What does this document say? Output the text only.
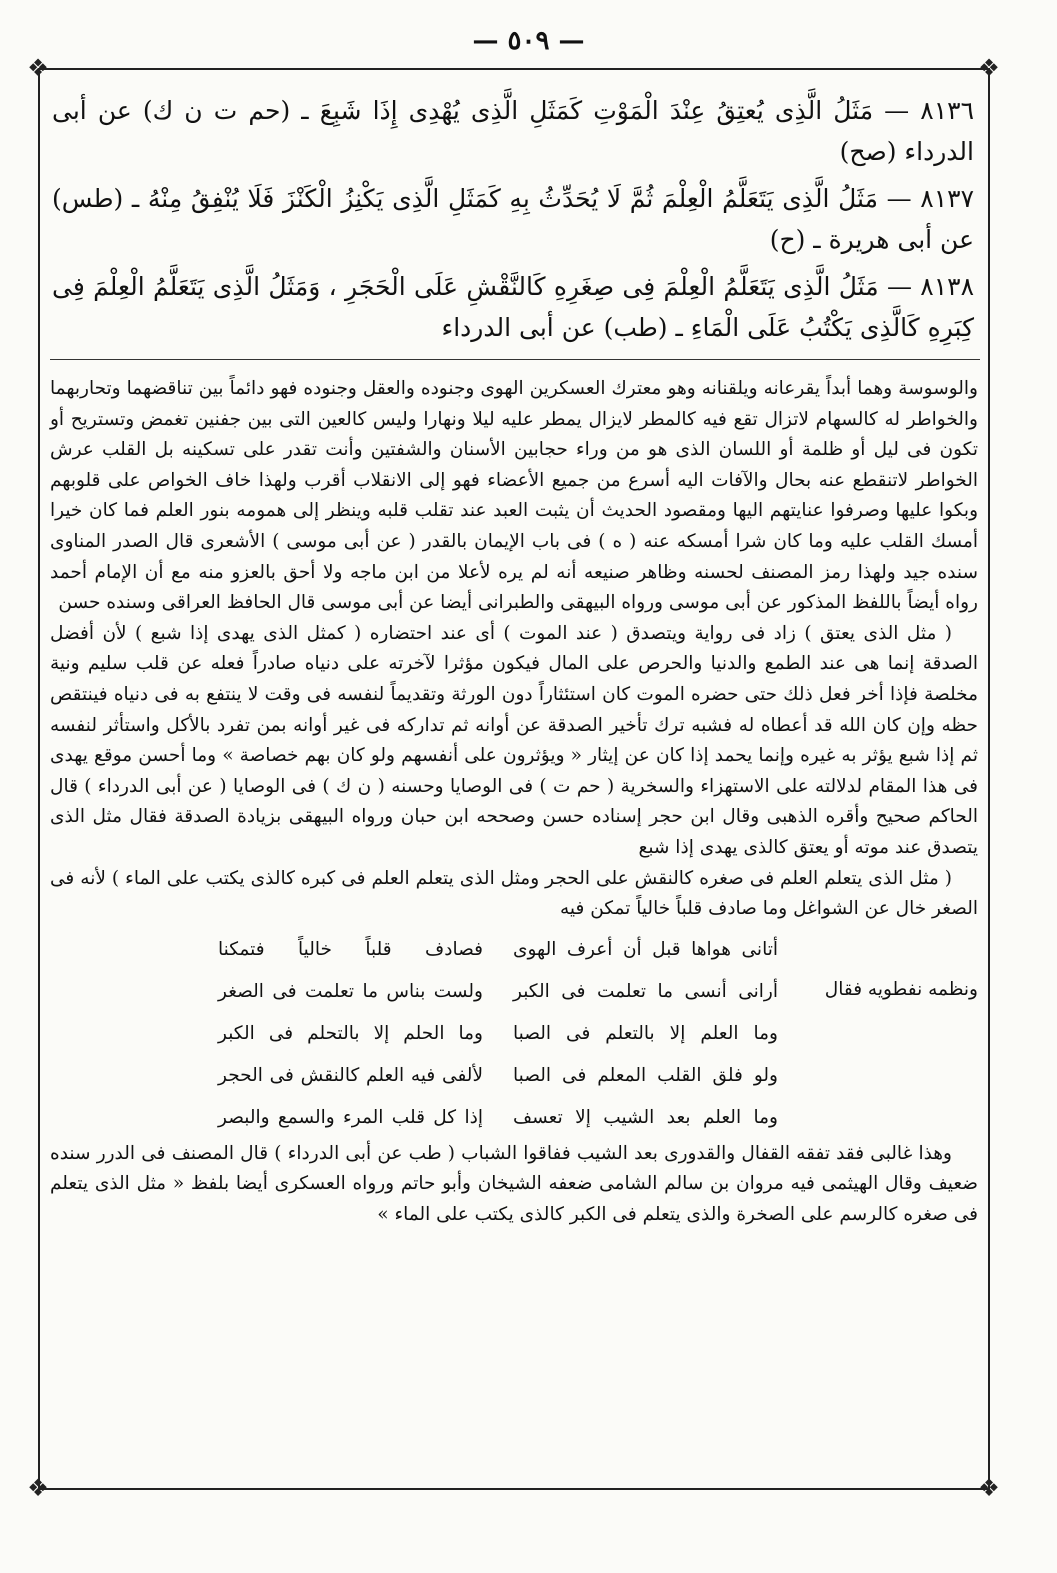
— ٥٠٩ —
❖	❖
❖	❖

٨١٣٦ — مَثَلُ الَّذِى يُعتِقُ عِنْدَ الْمَوْتِ كَمَثَلِ الَّذِى يُهْدِى إِذَا شَبِعَ ـ (حم ت ن ك) عن أبى الدرداء (صح)

٨١٣٧ — مَثَلُ الَّذِى يَتَعَلَّمُ الْعِلْمَ ثُمَّ لَا يُحَدِّثُ بِهِ كَمَثَلِ الَّذِى يَكْنِزُ الْكَنْزَ فَلَا يُنْفِقُ مِنْهُ ـ (طس) عن أبى هريرة ـ (ح)

٨١٣٨ — مَثَلُ الَّذِى يَتَعَلَّمُ الْعِلْمَ فِى صِغَرِهِ كَالنَّقْشِ عَلَى الْحَجَرِ ، وَمَثَلُ الَّذِى يَتَعَلَّمُ الْعِلْمَ فِى كِبَرِهِ كَالَّذِى يَكْتُبُ عَلَى الْمَاءِ ـ (طب) عن أبى الدرداء

والوسوسة وهما أبداً يقرعانه ويلقنانه وهو معترك العسكرين الهوى وجنوده والعقل وجنوده فهو دائماً بين تناقضهما وتحاربهما والخواطر له كالسهام لاتزال تقع فيه كالمطر لايزال يمطر عليه ليلا ونهارا وليس كالعين التى بين جفنين تغمض وتستريح أو تكون فى ليل أو ظلمة أو اللسان الذى هو من وراء حجابين الأسنان والشفتين وأنت تقدر على تسكينه بل القلب عرش الخواطر لاتنقطع عنه بحال والآفات اليه أسرع من جميع الأعضاء فهو إلى الانقلاب أقرب ولهذا خاف الخواص على قلوبهم وبكوا عليها وصرفوا عنايتهم اليها ومقصود الحديث أن يثبت العبد عند تقلب قلبه وينظر إلى همومه بنور العلم فما كان خيرا أمسك القلب عليه وما كان شرا أمسكه عنه ( ه ) فى باب الإيمان بالقدر ( عن أبى موسى ) الأشعرى قال الصدر المناوى سنده جيد ولهذا رمز المصنف لحسنه وظاهر صنيعه أنه لم يره لأعلا من ابن ماجه ولا أحق بالعزو منه مع أن الإمام أحمد رواه أيضاً باللفظ المذكور عن أبى موسى ورواه البيهقى والطبرانى أيضا عن أبى موسى قال الحافظ العراقى وسنده حسن

( مثل الذى يعتق ) زاد فى رواية ويتصدق ( عند الموت ) أى عند احتضاره ( كمثل الذى يهدى إذا شبع ) لأن أفضل الصدقة إنما هى عند الطمع والدنيا والحرص على المال فيكون مؤثرا لآخرته على دنياه صادراً فعله عن قلب سليم ونية مخلصة فإذا أخر فعل ذلك حتى حضره الموت كان استئثاراً دون الورثة وتقديماً لنفسه فى وقت لا ينتفع به فى دنياه فينتقص حظه وإن كان الله قد أعطاه له فشبه ترك تأخير الصدقة عن أوانه ثم تداركه فى غير أوانه بمن تفرد بالأكل واستأثر لنفسه ثم إذا شبع يؤثر به غيره وإنما يحمد إذا كان عن إيثار « ويؤثرون على أنفسهم ولو كان بهم خصاصة » وما أحسن موقع يهدى فى هذا المقام لدلالته على الاستهزاء والسخرية ( حم ت ) فى الوصايا وحسنه ( ن ك ) فى الوصايا ( عن أبى الدرداء ) قال الحاكم صحيح وأقره الذهبى وقال ابن حجر إسناده حسن وصححه ابن حبان ورواه البيهقى بزيادة الصدقة فقال مثل الذى يتصدق عند موته أو يعتق كالذى يهدى إذا شبع

( مثل الذى يتعلم العلم فى صغره كالنقش على الحجر ومثل الذى يتعلم العلم فى كبره كالذى يكتب على الماء ) لأنه فى الصغر خال عن الشواغل وما صادف قلباً خالياً تمكن فيه

ونظمه نفطويه فقال
أتانى هواها قبل أن أعرف الهوى
فصادف قلباً خالياً فتمكنا
أرانى أنسى ما تعلمت فى الكبر
ولست بناس ما تعلمت فى الصغر
وما العلم إلا بالتعلم فى الصبا
وما الحلم إلا بالتحلم فى الكبر
ولو فلق القلب المعلم فى الصبا
لألفى فيه العلم كالنقش فى الحجر
وما العلم بعد الشيب إلا تعسف
إذا كل قلب المرء والسمع والبصر

وهذا غالبى فقد تفقه القفال والقدورى بعد الشيب ففاقوا الشباب ( طب عن أبى الدرداء ) قال المصنف فى الدرر سنده ضعيف وقال الهيثمى فيه مروان بن سالم الشامى ضعفه الشيخان وأبو حاتم ورواه العسكرى أيضا بلفظ « مثل الذى يتعلم فى صغره كالرسم على الصخرة والذى يتعلم فى الكبر كالذى يكتب على الماء »
